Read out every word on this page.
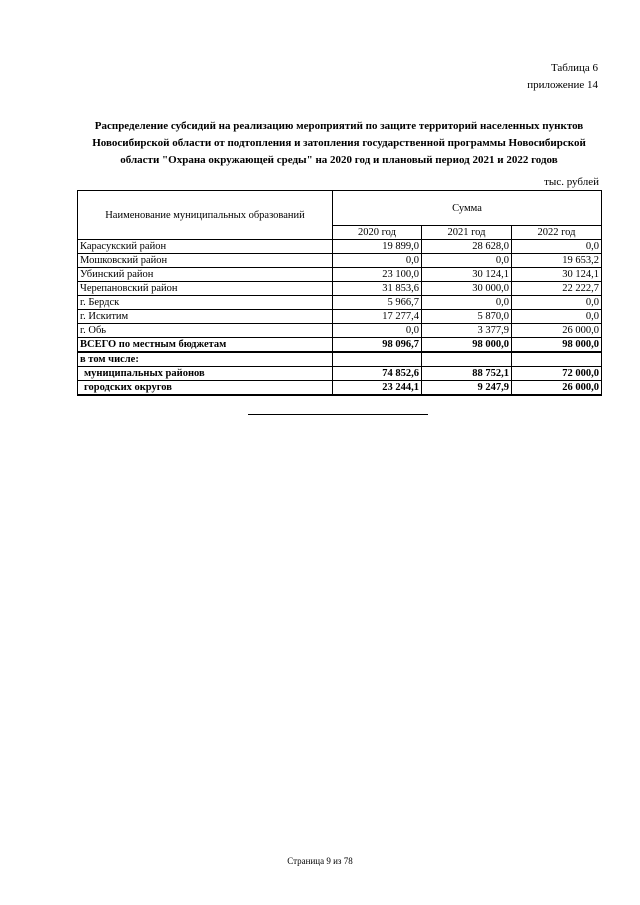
Таблица 6
приложение 14
Распределение субсидий на реализацию мероприятий по защите территорий населенных пунктов Новосибирской области от подтопления и затопления государственной программы Новосибирской области "Охрана окружающей среды" на 2020 год и плановый период 2021 и 2022 годов
тыс. рублей
Наименование муниципальных образований	Сумма		
	2020 год	2021 год	2022 год
Карасукский район	19 899,0	28 628,0	0,0
Мошковский район	0,0	0,0	19 653,2
Убинский район	23 100,0	30 124,1	30 124,1
Черепановский район	31 853,6	30 000,0	22 222,7
г. Бердск	5 966,7	0,0	0,0
г. Искитим	17 277,4	5 870,0	0,0
г. Обь	0,0	3 377,9	26 000,0
ВСЕГО по местным бюджетам	98 096,7	98 000,0	98 000,0
в том числе:			
муниципальных районов	74 852,6	88 752,1	72 000,0
городских округов	23 244,1	9 247,9	26 000,0
Страница 9 из 78
